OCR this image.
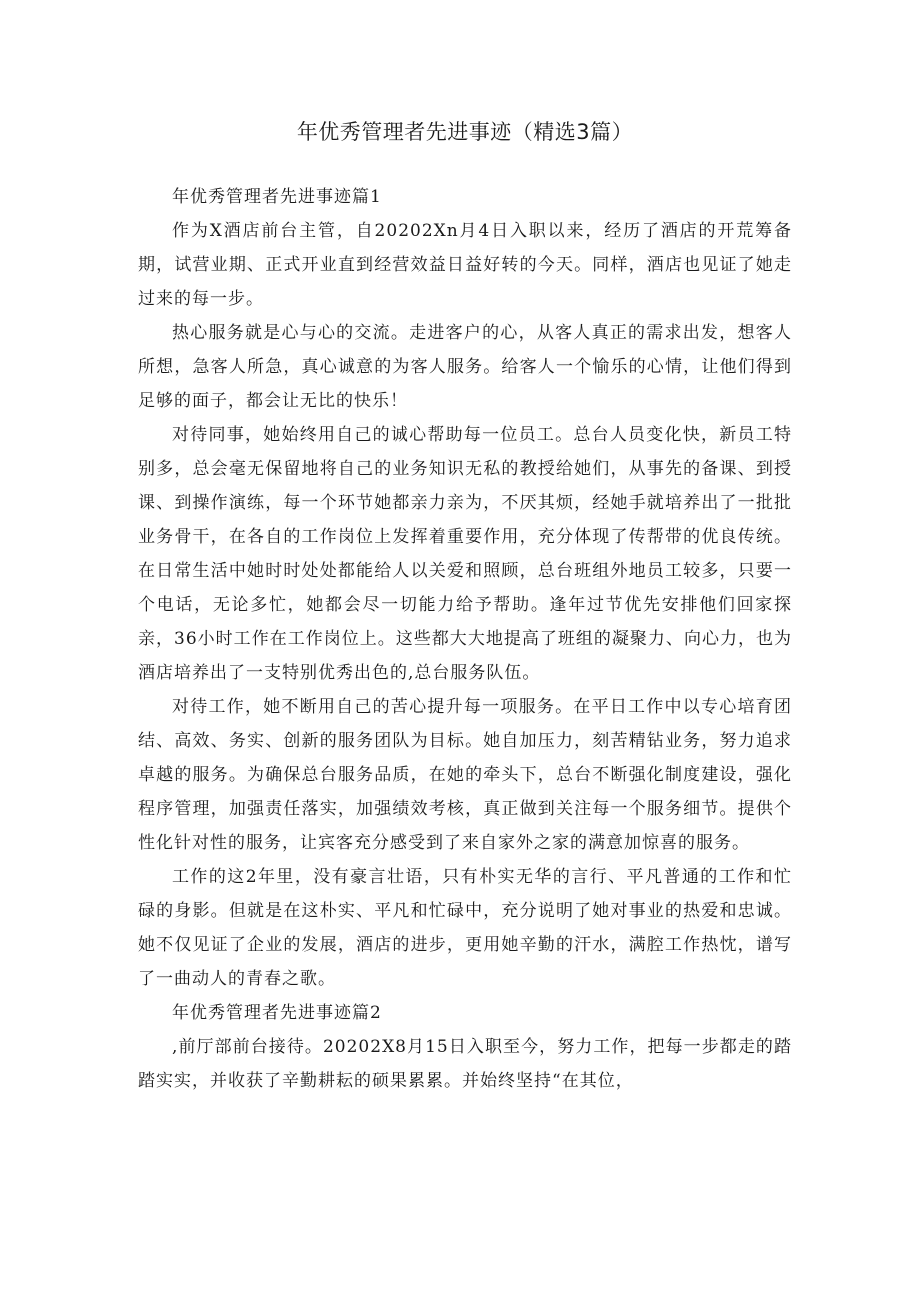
年优秀管理者先进事迹（精选3篇）

年优秀管理者先进事迹篇1

作为X酒店前台主管，自20202Xn月4日入职以来，经历了酒店的开荒筹备期，试营业期、正式开业直到经营效益日益好转的今天。同样，酒店也见证了她走过来的每一步。

热心服务就是心与心的交流。走进客户的心，从客人真正的需求出发，想客人所想，急客人所急，真心诚意的为客人服务。给客人一个愉乐的心情，让他们得到足够的面子，都会让无比的快乐！

对待同事，她始终用自己的诚心帮助每一位员工。总台人员变化快，新员工特别多，总会毫无保留地将自己的业务知识无私的教授给她们，从事先的备课、到授课、到操作演练，每一个环节她都亲力亲为，不厌其烦，经她手就培养出了一批批业务骨干，在各自的工作岗位上发挥着重要作用，充分体现了传帮带的优良传统。在日常生活中她时时处处都能给人以关爱和照顾，总台班组外地员工较多，只要一个电话，无论多忙，她都会尽一切能力给予帮助。逢年过节优先安排他们回家探亲，36小时工作在工作岗位上。这些都大大地提高了班组的凝聚力、向心力，也为酒店培养出了一支特别优秀出色的,总台服务队伍。

对待工作，她不断用自己的苦心提升每一项服务。在平日工作中以专心培育团结、高效、务实、创新的服务团队为目标。她自加压力，刻苦精钻业务，努力追求卓越的服务。为确保总台服务品质，在她的牵头下，总台不断强化制度建设，强化程序管理，加强责任落实，加强绩效考核，真正做到关注每一个服务细节。提供个性化针对性的服务，让宾客充分感受到了来自家外之家的满意加惊喜的服务。

工作的这2年里，没有豪言壮语，只有朴实无华的言行、平凡普通的工作和忙碌的身影。但就是在这朴实、平凡和忙碌中，充分说明了她对事业的热爱和忠诚。她不仅见证了企业的发展，酒店的进步，更用她辛勤的汗水，满腔工作热忱，谱写了一曲动人的青春之歌。

年优秀管理者先进事迹篇2

,前厅部前台接待。20202X8月15日入职至今，努力工作，把每一步都走的踏踏实实，并收获了辛勤耕耘的硕果累累。并始终坚持“在其位，
